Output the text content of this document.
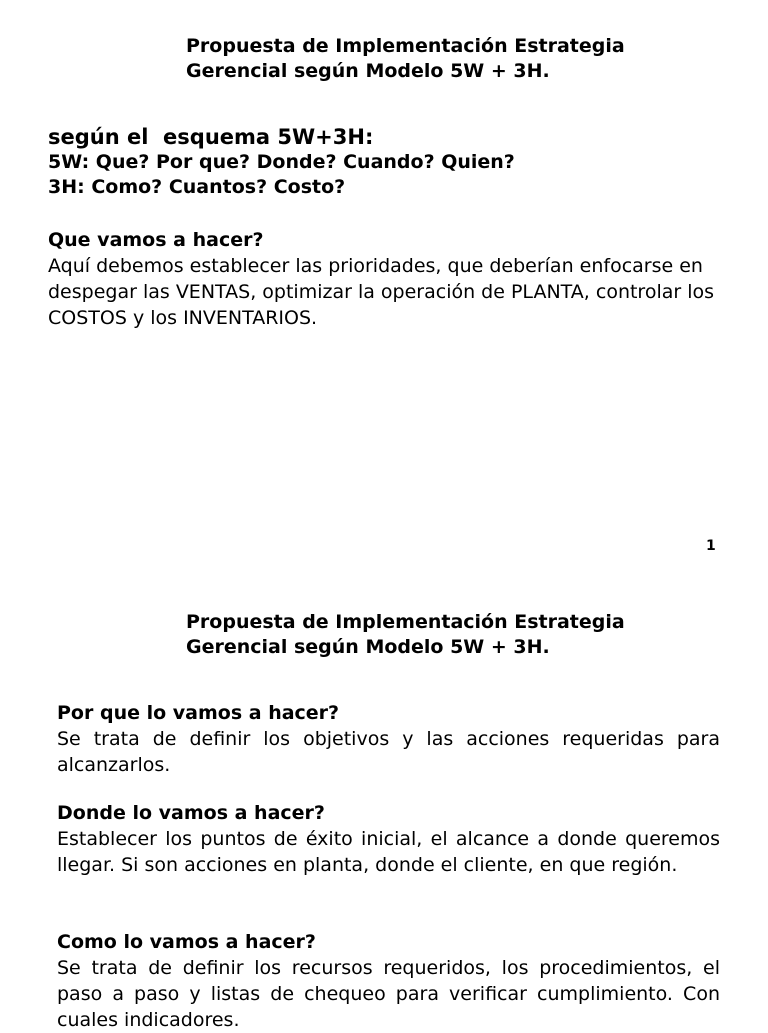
Propuesta de Implementación Estrategia
Gerencial según Modelo 5W + 3H.

según el  esquema 5W+3H:

5W: Que? Por que? Donde? Cuando? Quien?

3H: Como? Cuantos? Costo?

Que vamos a hacer?

Aquí debemos establecer las prioridades, que deberían enfocarse en despegar las VENTAS, optimizar la operación de PLANTA, controlar los COSTOS y los INVENTARIOS.

1

Propuesta de Implementación Estrategia
Gerencial según Modelo 5W + 3H.

Por que lo vamos a hacer?

Se trata de definir los objetivos y las acciones requeridas para alcanzarlos.

Donde lo vamos a hacer?

Establecer los puntos de éxito inicial, el alcance a donde queremos llegar. Si son acciones en planta, donde el cliente, en que región.

Como lo vamos a hacer?

Se trata de definir los recursos requeridos, los procedimientos, el paso a paso y listas de chequeo para verificar cumplimiento. Con cuales indicadores.
